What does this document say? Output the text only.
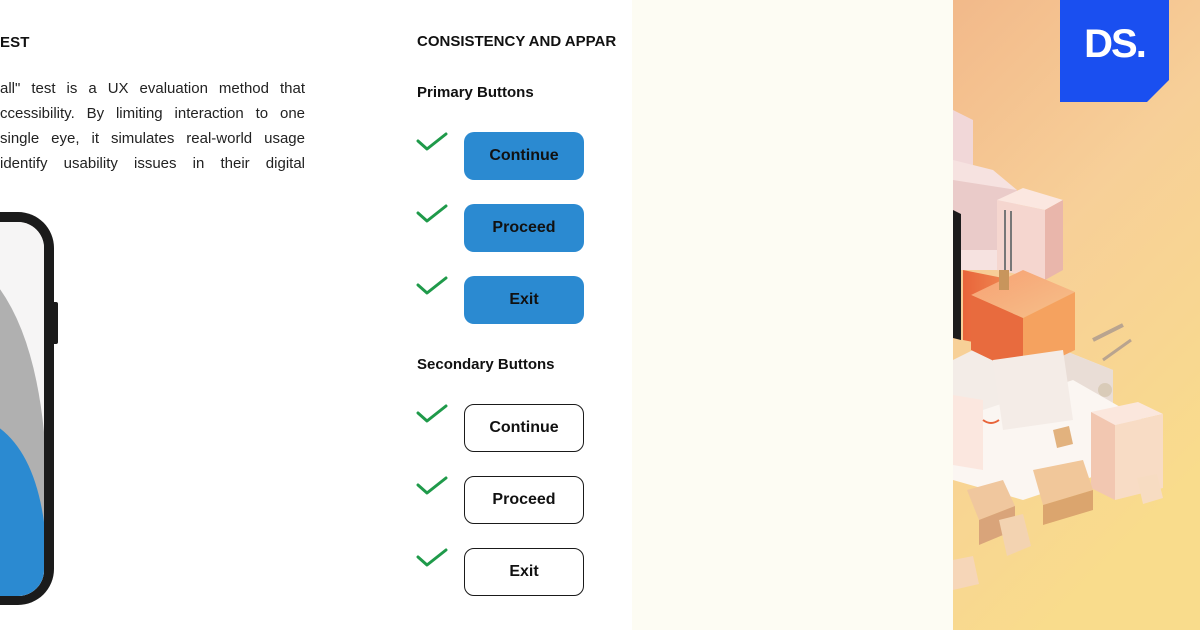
EST
all" test is a UX evaluation method that
ccessibility. By limiting interaction to one
single eye, it simulates real-world usage
identify usability issues in their digital
CONSISTENCY AND APPAR
Primary Buttons
Continue
Proceed
Exit
Secondary Buttons
Continue
Proceed
Exit
DS.
